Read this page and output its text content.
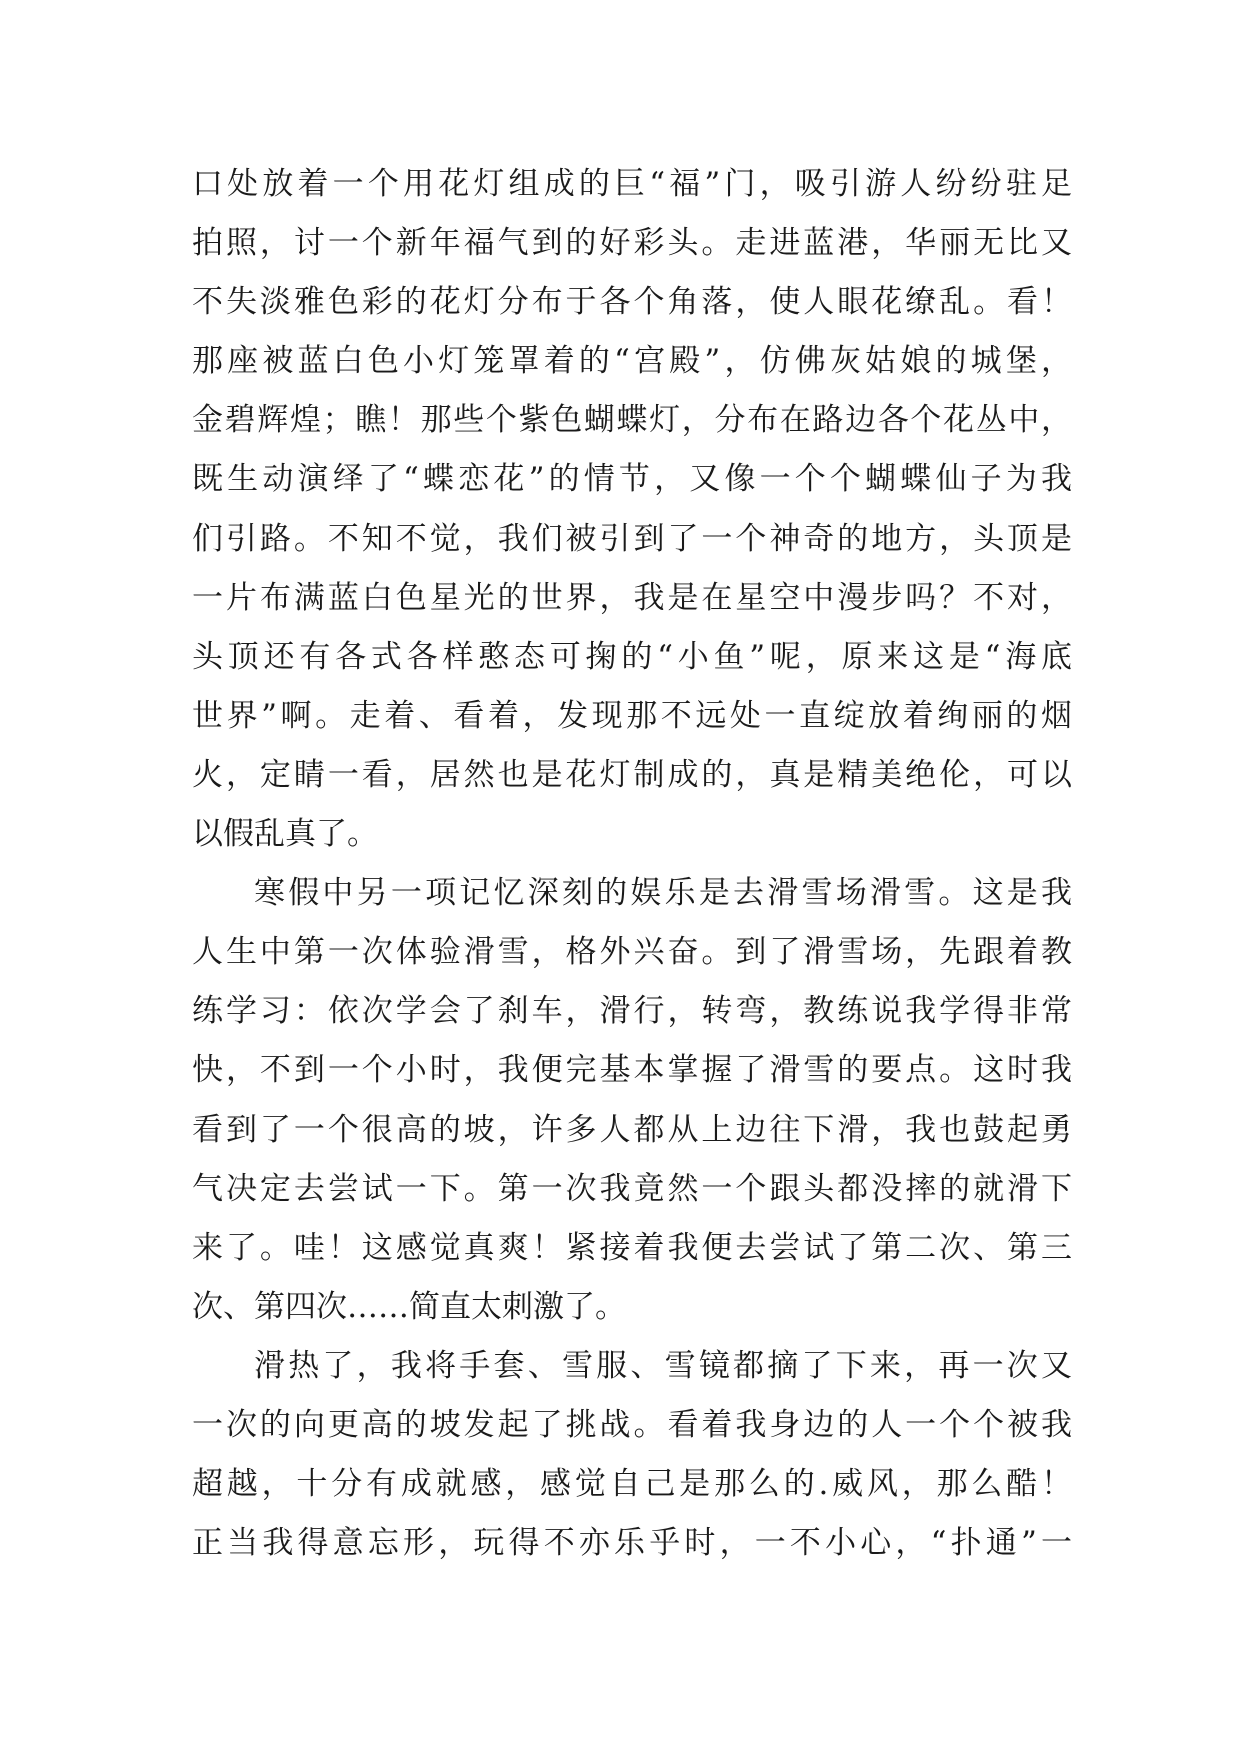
口处放着一个用花灯组成的巨“福”门，吸引游人纷纷驻足
拍照，讨一个新年福气到的好彩头。走进蓝港，华丽无比又
不失淡雅色彩的花灯分布于各个角落，使人眼花缭乱。看！
那座被蓝白色小灯笼罩着的“宫殿”，仿佛灰姑娘的城堡，
金碧辉煌；瞧！那些个紫色蝴蝶灯，分布在路边各个花丛中，
既生动演绎了“蝶恋花”的情节，又像一个个蝴蝶仙子为我
们引路。不知不觉，我们被引到了一个神奇的地方，头顶是
一片布满蓝白色星光的世界，我是在星空中漫步吗？不对，
头顶还有各式各样憨态可掬的“小鱼”呢，原来这是“海底
世界”啊。走着、看着，发现那不远处一直绽放着绚丽的烟
火，定睛一看，居然也是花灯制成的，真是精美绝伦，可以
以假乱真了。
寒假中另一项记忆深刻的娱乐是去滑雪场滑雪。这是我
人生中第一次体验滑雪，格外兴奋。到了滑雪场，先跟着教
练学习：依次学会了刹车，滑行，转弯，教练说我学得非常
快，不到一个小时，我便完基本掌握了滑雪的要点。这时我
看到了一个很高的坡，许多人都从上边往下滑，我也鼓起勇
气决定去尝试一下。第一次我竟然一个跟头都没摔的就滑下
来了。哇！这感觉真爽！紧接着我便去尝试了第二次、第三
次、第四次……简直太刺激了。
滑热了，我将手套、雪服、雪镜都摘了下来，再一次又
一次的向更高的坡发起了挑战。看着我身边的人一个个被我
超越，十分有成就感，感觉自己是那么的.威风，那么酷！
正当我得意忘形，玩得不亦乐乎时，一不小心，“扑通”一
